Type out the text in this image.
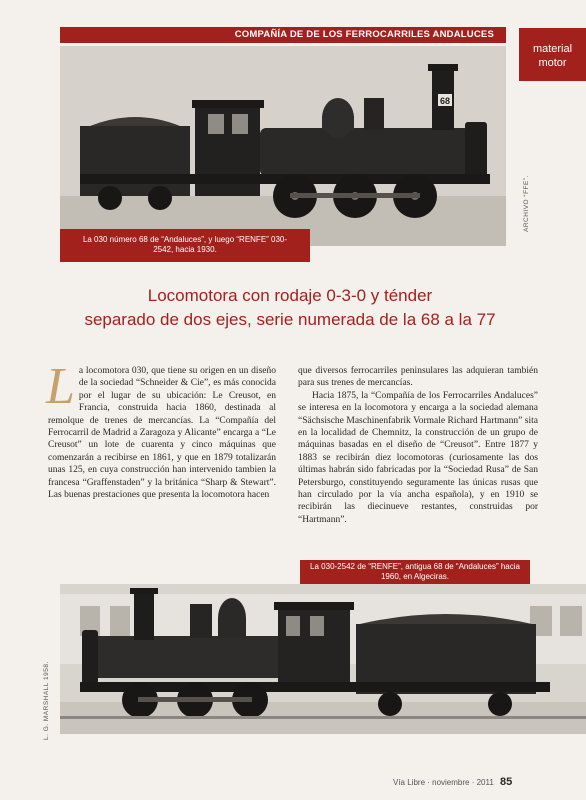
COMPAÑÍA DE DE LOS FERROCARRILES ANDALUCES
material
motor
68
ARCHIVO “FFE”.
La 030 número 68 de “Andaluces”, y luego “RENFE” 030-2542, hacia 1930.
Locomotora con rodaje 0-3-0 y ténder
separado de dos ejes, serie numerada de la 68 a la 77

La locomotora 030, que tiene su origen en un diseño de la sociedad “Schneider & Cie”, es más conocida por el lugar de su ubicación: Le Creusot, en Francia, construida hacia 1860, destinada al remolque de trenes de mercancías. La “Compañía del Ferrocarril de Madrid a Zaragoza y Alicante” encarga a “Le Creusot” un lote de cuarenta y cinco máquinas que comenzarán a recibirse en 1861, y que en 1879 totalizarán unas 125, en cuya construcción han intervenido tambien la francesa “Graffenstaden” y la británica “Sharp & Stewart”. Las buenas prestaciones que presenta la locomotora hacen

que diversos ferrocarriles peninsulares las adquieran también para sus trenes de mercancías.

Hacia 1875, la “Compañía de los Ferrocarriles Andaluces” se interesa en la locomotora y encarga a la sociedad alemana “Sächsische Maschinenfabrik Vormale Richard Hartmann” sita en la localidad de Chemnitz, la construcción de un grupo de máquinas basadas en el diseño de “Creusot”. Entre 1877 y 1883 se recibirán diez locomotoras (curiosamente las dos últimas habrán sido fabricadas por la “Sociedad Rusa” de San Petersburgo, constituyendo seguramente las únicas rusas que han circulado por la vía ancha española), y en 1910 se recibirán las diecinueve restantes, construidas por “Hartmann”.

La 030-2542 de “RENFE”, antigua 68 de “Andaluces” hacia 1960, en Algeciras.
L. G. MARSHALL 1958.
Vía Libre · noviembre · 2011 85
